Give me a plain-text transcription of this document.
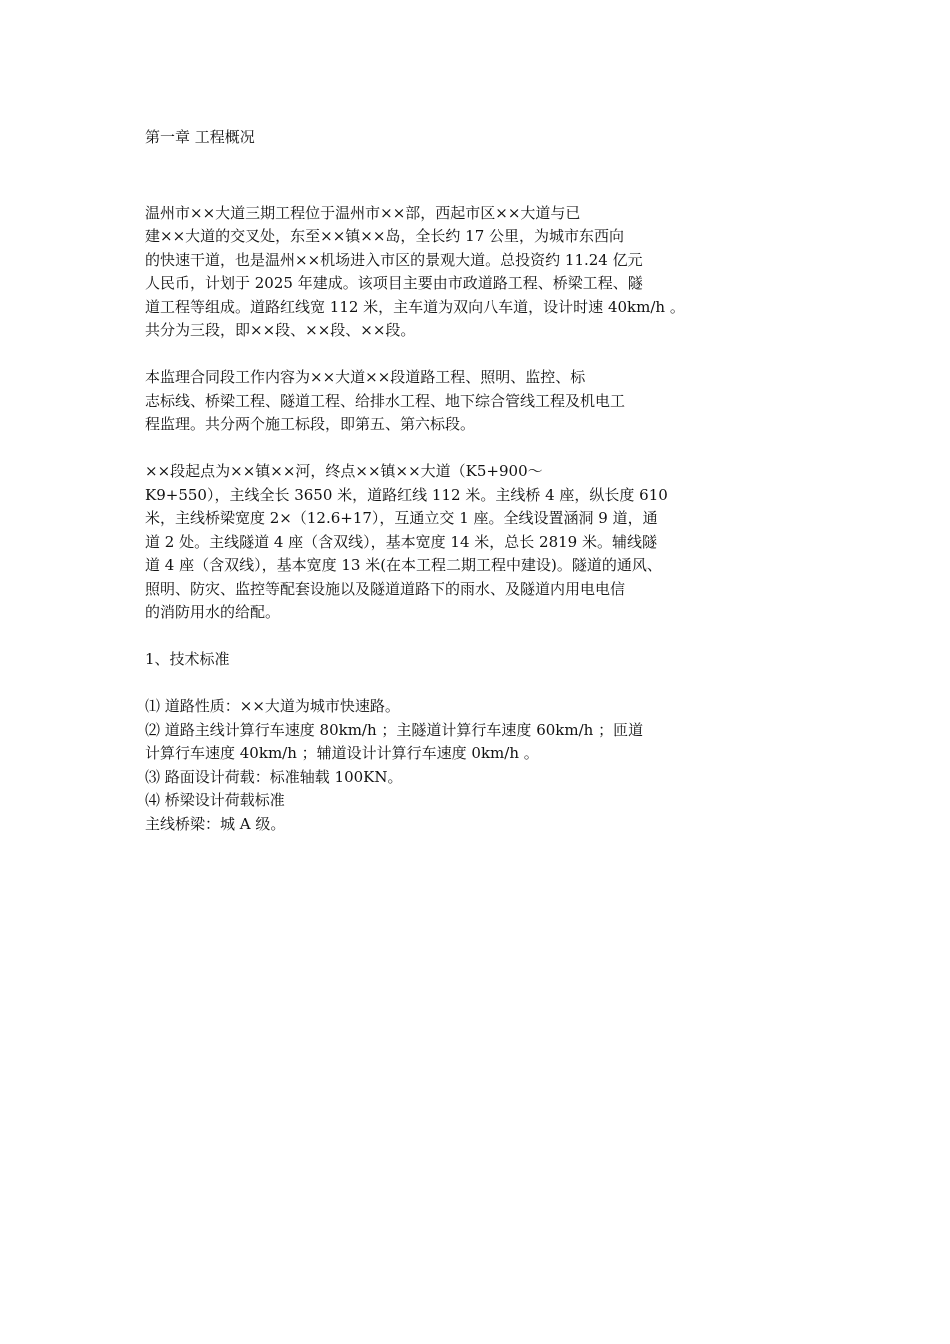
第一章 工程概况
温州市××大道三期工程位于温州市××部，西起市区××大道与已
建××大道的交叉处，东至××镇××岛，全长约 17 公里，为城市东西向
的快速干道，也是温州××机场进入市区的景观大道。总投资约 11.24 亿元
人民币，计划于 2025 年建成。该项目主要由市政道路工程、桥梁工程、隧
道工程等组成。道路红线宽 112 米，主车道为双向八车道，设计时速 40km/h 。
共分为三段，即××段、××段、××段。
本监理合同段工作内容为××大道××段道路工程、照明、监控、标
志标线、桥梁工程、隧道工程、给排水工程、地下综合管线工程及机电工
程监理。共分两个施工标段，即第五、第六标段。
××段起点为××镇××河，终点××镇××大道（K5+900～
K9+550），主线全长 3650 米，道路红线 112 米。主线桥 4 座，纵长度 610
米，主线桥梁宽度 2×（12.6+17），互通立交 1 座。全线设置涵洞 9 道，通
道 2 处。主线隧道 4 座（含双线），基本宽度 14 米，总长 2819 米。辅线隧
道 4 座（含双线），基本宽度 13 米(在本工程二期工程中建设)。隧道的通风、
照明、防灾、监控等配套设施以及隧道道路下的雨水、及隧道内用电电信
的消防用水的给配。
1、技术标准
⑴ 道路性质：××大道为城市快速路。
⑵ 道路主线计算行车速度 80km/h ；主隧道计算行车速度 60km/h ；匝道
计算行车速度 40km/h ；辅道设计计算行车速度 0km/h 。
⑶ 路面设计荷载：标准轴载 100KN。
⑷ 桥梁设计荷载标准
主线桥梁：城 A 级。
